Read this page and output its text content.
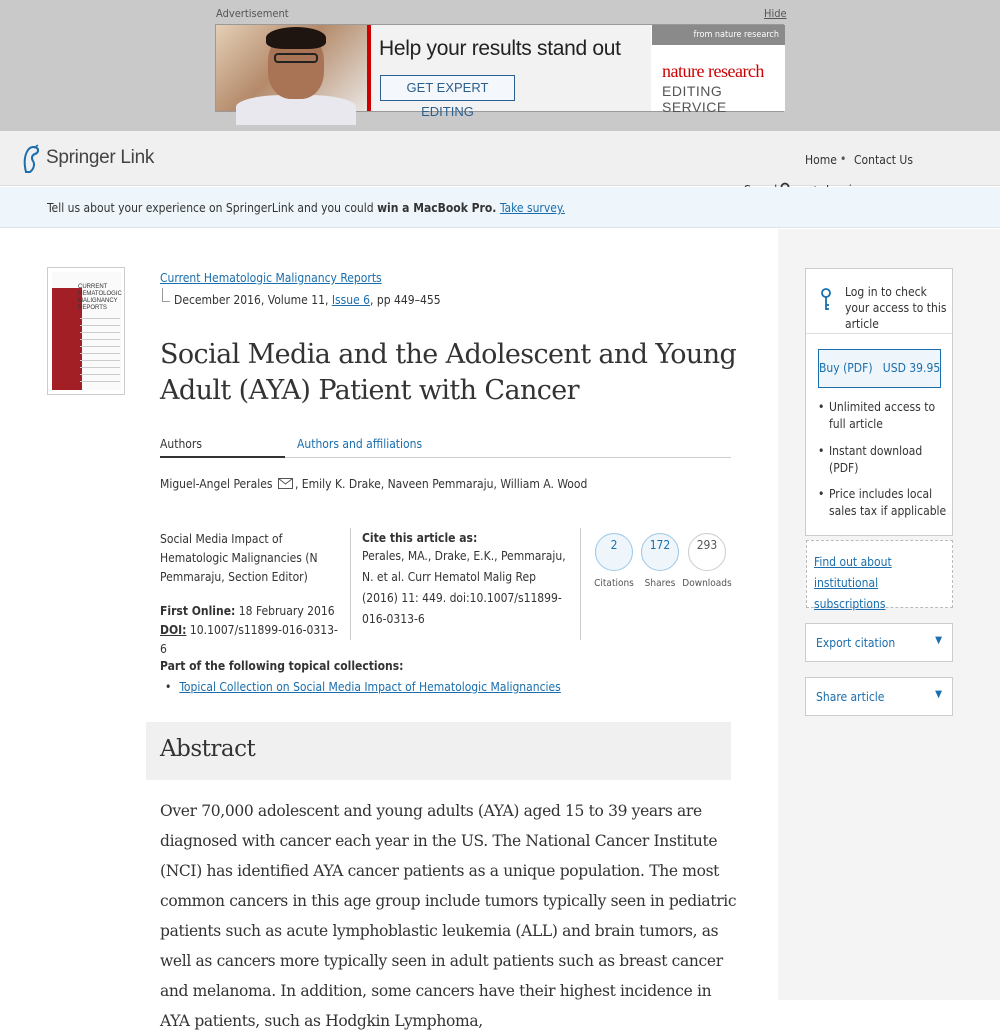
Advertisement	Hide
Help your results stand out
GET EXPERT EDITING
from nature research
nature research
EDITING SERVICE
Springer Link	Home • Contact Us
Tell us about your experience on SpringerLink and you could win a MacBook Pro. Take survey.
Log in to check your access to this article
Buy (PDF)   USD 39.95
• Unlimited access to full article
• Instant download (PDF)
• Price includes local sales tax if applicable
Find out about institutional subscriptions
Export citation	▼
Share article	▼
CURRENT HEMATOLOGIC MALIGNANCY REPORTS
Current Hematologic Malignancy Reports
December 2016, Volume 11, Issue 6, pp 449–455
Social Media and the Adolescent and Young Adult (AYA) Patient with Cancer
Authors	Authors and affiliations
Miguel-Angel Perales , Emily K. Drake, Naveen Pemmaraju, William A. Wood
Social Media Impact of Hematologic Malignancies (N Pemmaraju, Section Editor)
First Online: 18 February 2016
DOI: 10.1007/s11899-016-0313-6
Cite this article as:
Perales, MA., Drake, E.K., Pemmaraju, N. et al. Curr Hematol Malig Rep (2016) 11: 449. doi:10.1007/s11899-016-0313-6
2
Citations
172
Shares
293
Downloads
Part of the following topical collections:
• Topical Collection on Social Media Impact of Hematologic Malignancies
Abstract

Over 70,000 adolescent and young adults (AYA) aged 15 to 39 years are diagnosed with cancer each year in the US. The National Cancer Institute (NCI) has identified AYA cancer patients as a unique population. The most common cancers in this age group include tumors typically seen in pediatric patients such as acute lymphoblastic leukemia (ALL) and brain tumors, as well as cancers more typically seen in adult patients such as breast cancer and melanoma. In addition, some cancers have their highest incidence in AYA patients, such as Hodgkin Lymphoma,
